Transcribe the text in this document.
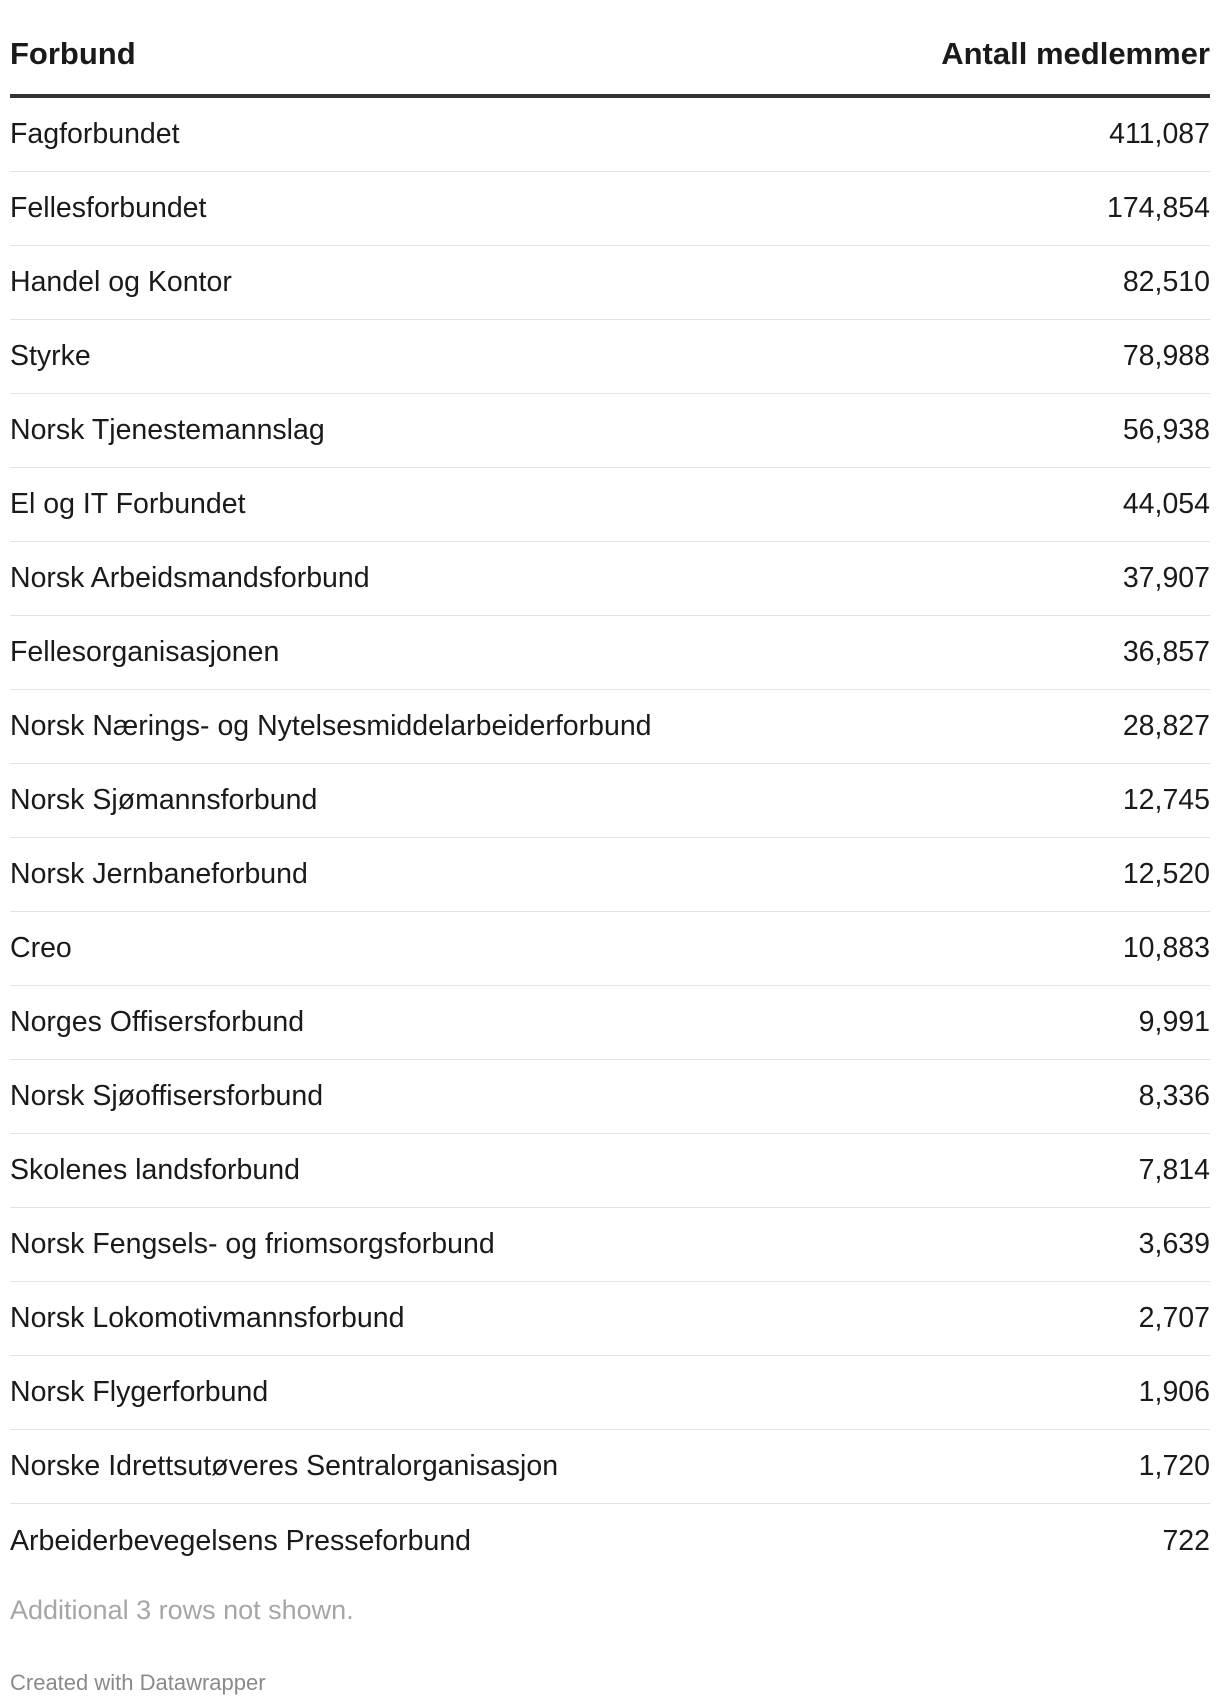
Forbund	Antall medlemmer
Fagforbundet	411,087
Fellesforbundet	174,854
Handel og Kontor	82,510
Styrke	78,988
Norsk Tjenestemannslag	56,938
El og IT Forbundet	44,054
Norsk Arbeidsmandsforbund	37,907
Fellesorganisasjonen	36,857
Norsk Nærings- og Nytelsesmiddelarbeiderforbund	28,827
Norsk Sjømannsforbund	12,745
Norsk Jernbaneforbund	12,520
Creo	10,883
Norges Offisersforbund	9,991
Norsk Sjøoffisersforbund	8,336
Skolenes landsforbund	7,814
Norsk Fengsels- og friomsorgsforbund	3,639
Norsk Lokomotivmannsforbund	2,707
Norsk Flygerforbund	1,906
Norske Idrettsutøveres Sentralorganisasjon	1,720
Arbeiderbevegelsens Presseforbund	722
Additional 3 rows not shown.
Created with Datawrapper
